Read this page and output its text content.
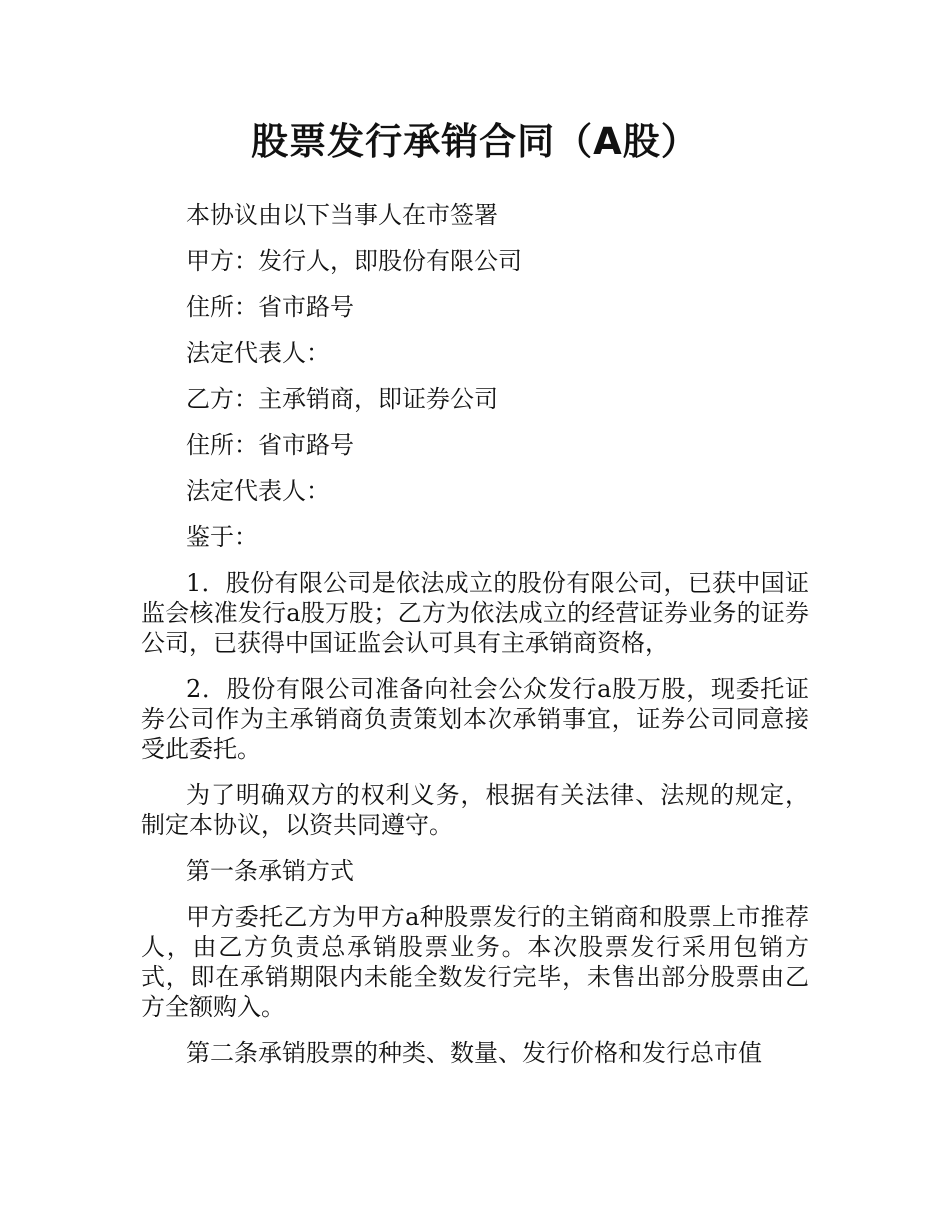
股票发行承销合同（A股）

本协议由以下当事人在市签署

甲方：发行人，即股份有限公司

住所：省市路号

法定代表人：

乙方：主承销商，即证券公司

住所：省市路号

法定代表人：

鉴于：

1．股份有限公司是依法成立的股份有限公司，已获中国证监会核准发行a股万股；乙方为依法成立的经营证券业务的证券公司，已获得中国证监会认可具有主承销商资格，

2．股份有限公司准备向社会公众发行a股万股，现委托证券公司作为主承销商负责策划本次承销事宜，证券公司同意接受此委托。

为了明确双方的权利义务，根据有关法律、法规的规定，制定本协议，以资共同遵守。

第一条承销方式

甲方委托乙方为甲方a种股票发行的主销商和股票上市推荐人，由乙方负责总承销股票业务。本次股票发行采用包销方式，即在承销期限内未能全数发行完毕，未售出部分股票由乙方全额购入。

第二条承销股票的种类、数量、发行价格和发行总市值
